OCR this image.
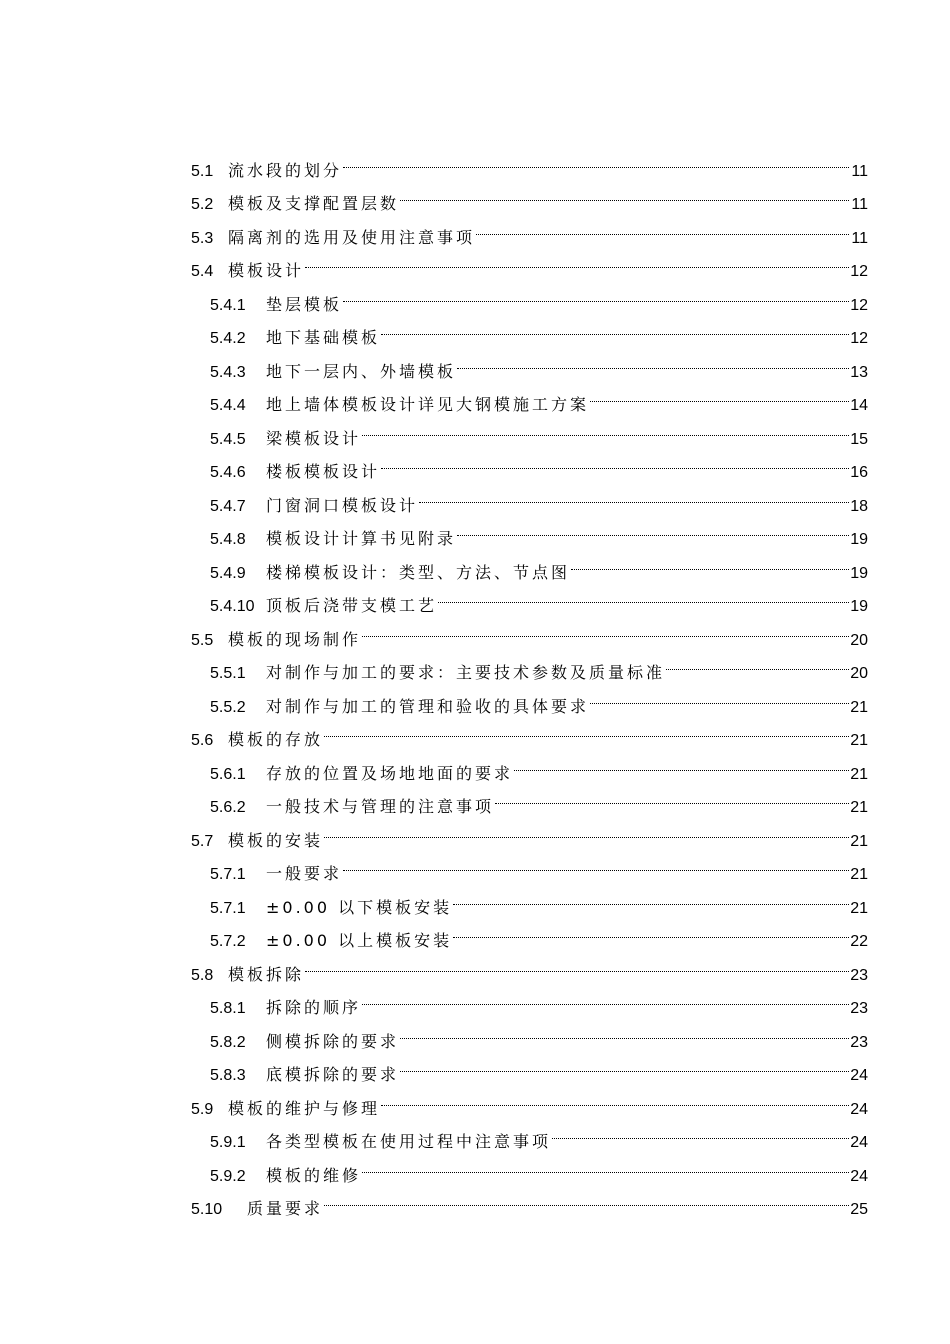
5.1 流水段的划分	11
5.2 模板及支撑配置层数	11
5.3 隔离剂的选用及使用注意事项	11
5.4 模板设计	12
5.4.1	垫层模板	12
5.4.2	地下基础模板	12
5.4.3	地下一层内、外墙模板	13
5.4.4	地上墙体模板设计详见大钢模施工方案	14
5.4.5	梁模板设计	15
5.4.6	楼板模板设计	16
5.4.7	门窗洞口模板设计	18
5.4.8	模板设计计算书见附录	19
5.4.9	楼梯模板设计：类型、方法、节点图	19
5.4.10 顶板后浇带支模工艺	19
5.5 模板的现场制作	20
5.5.1	对制作与加工的要求：主要技术参数及质量标准	20
5.5.2	对制作与加工的管理和验收的具体要求	21
5.6 模板的存放	21
5.6.1	存放的位置及场地地面的要求	21
5.6.2	一般技术与管理的注意事项	21
5.7 模板的安装	21
5.7.1	一般要求	21
5.7.1	±0.00 以下模板安装	21
5.7.2	±0.00 以上模板安装	22
5.8 模板拆除	23
5.8.1	拆除的顺序	23
5.8.2	侧模拆除的要求	23
5.8.3	底模拆除的要求	24
5.9 模板的维护与修理	24
5.9.1	各类型模板在使用过程中注意事项	24
5.9.2	模板的维修	24
5.10	质量要求	25
